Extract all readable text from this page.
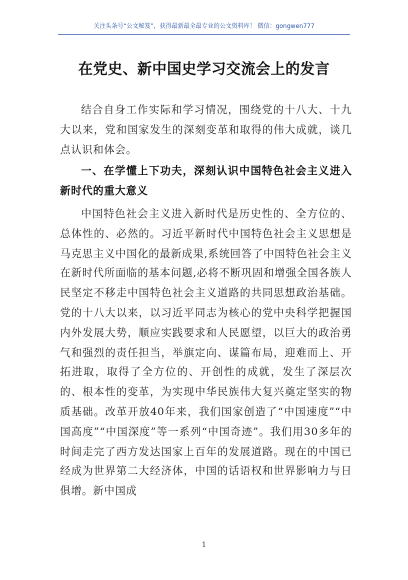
关注头条号“公文秘笈”，获得最新最全最专业的公文资料库！ 微信：gongwen777
在党史、新中国史学习交流会上的发言

结合自身工作实际和学习情况，围绕党的十八大、十九大以来，党和国家发生的深刻变革和取得的伟大成就，谈几点认识和体会。

一、在学懂上下功夫，深刻认识中国特色社会主义进入新时代的重大意义

中国特色社会主义进入新时代是历史性的、全方位的、总体性的、必然的。习近平新时代中国特色社会主义思想是马克思主义中国化的最新成果,系统回答了中国特色社会主义在新时代所面临的基本问题,必将不断巩固和增强全国各族人民坚定不移走中国特色社会主义道路的共同思想政治基础。党的十八大以来，以习近平同志为核心的党中央科学把握国内外发展大势，顺应实践要求和人民愿望，以巨大的政治勇气和强烈的责任担当，举旗定向、谋篇布局，迎难而上、开拓进取，取得了全方位的、开创性的成就，发生了深层次的、根本性的变革，为实现中华民族伟大复兴奠定坚实的物质基础。改革开放40年来，我们国家创造了“中国速度”“中国高度”“中国深度”等一系列“中国奇迹”。我们用30多年的时间走完了西方发达国家上百年的发展道路。现在的中国已经成为世界第二大经济体，中国的话语权和世界影响力与日俱增。新中国成

1
